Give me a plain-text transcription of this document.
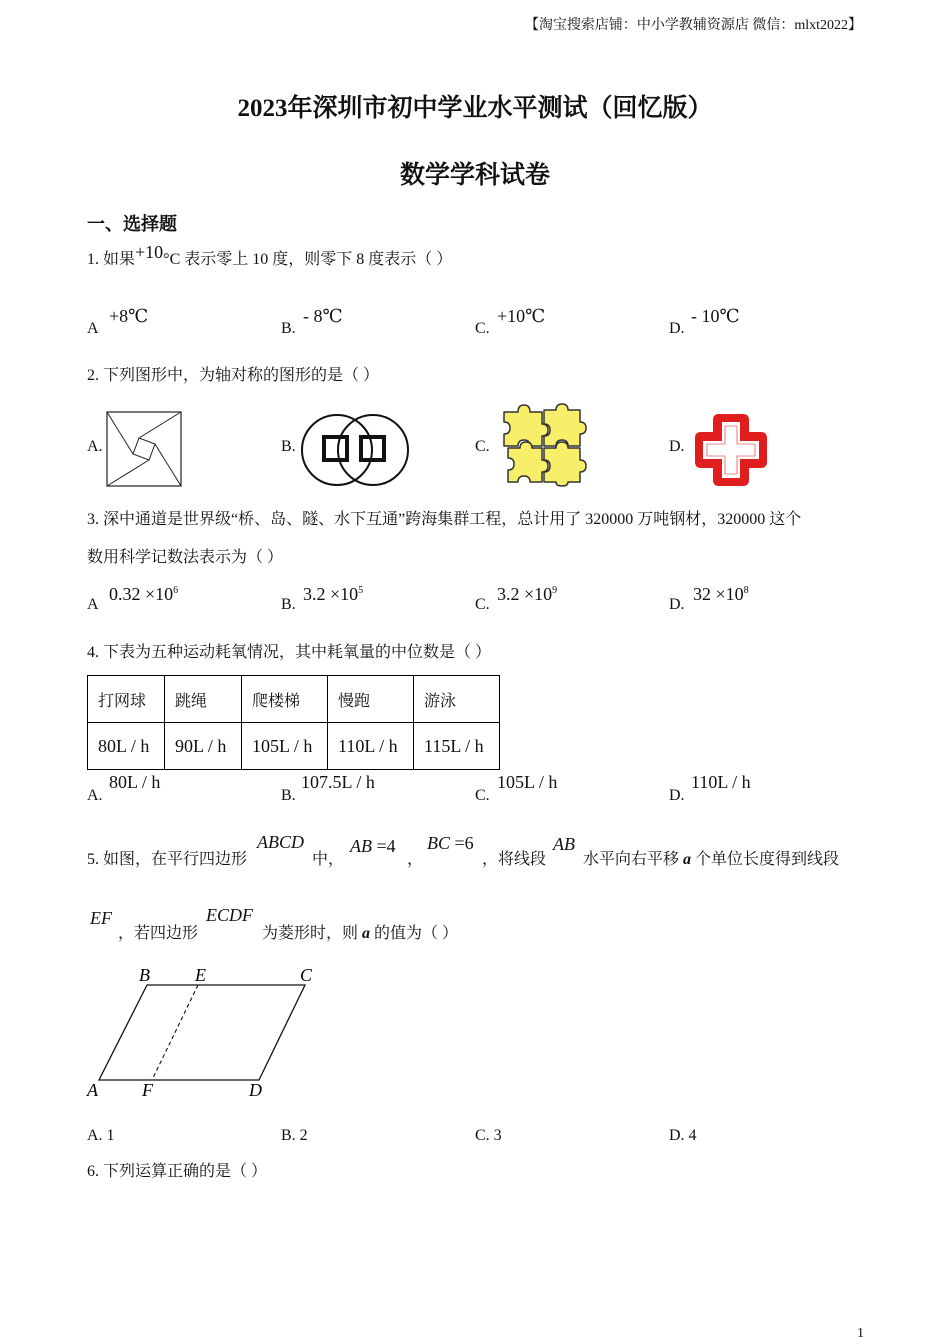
【淘宝搜索店铺：中小学教辅资源店 微信：mlxt2022】
2023年深圳市初中学业水平测试（回忆版）
数学学科试卷
一、选择题
1. 如果+10°C 表示零上 10 度，则零下 8 度表示（ ）
A
+8℃
B.
- 8℃
C.
+10℃
D.
- 10℃
2. 下列图形中，为轴对称的图形的是（ ）
A.	B.	C.	D.
3. 深中通道是世界级“桥、岛、隧、水下互通”跨海集群工程，总计用了 320000 万吨钢材，320000 这个
数用科学记数法表示为（ ）
A
$0.32 \times 10^6$
B.
$3.2 \times 10^5$
C.
$3.2 \times 10^9$
D.
$32 \times 10^8$
4. 下表为五种运动耗氧情况，其中耗氧量的中位数是（ ）
打网球	跳绳	爬楼梯	慢跑	游泳
80L / h	90L / h	105L / h	110L / h	115L / h
A.
80L / h
B.
107.5L / h
C.
105L / h
D.
110L / h
5. 如图，在平行四边形
ABCD
中，
AB =4
，
BC =6
，将线段
AB
水平向右平移 a 个单位长度得到线段
EF
，若四边形
ECDF
为菱形时，则 a 的值为（ ）
B	E	C
A F	D
A. 1	B. 2	C. 3	D. 4
6. 下列运算正确的是（ ）
1
